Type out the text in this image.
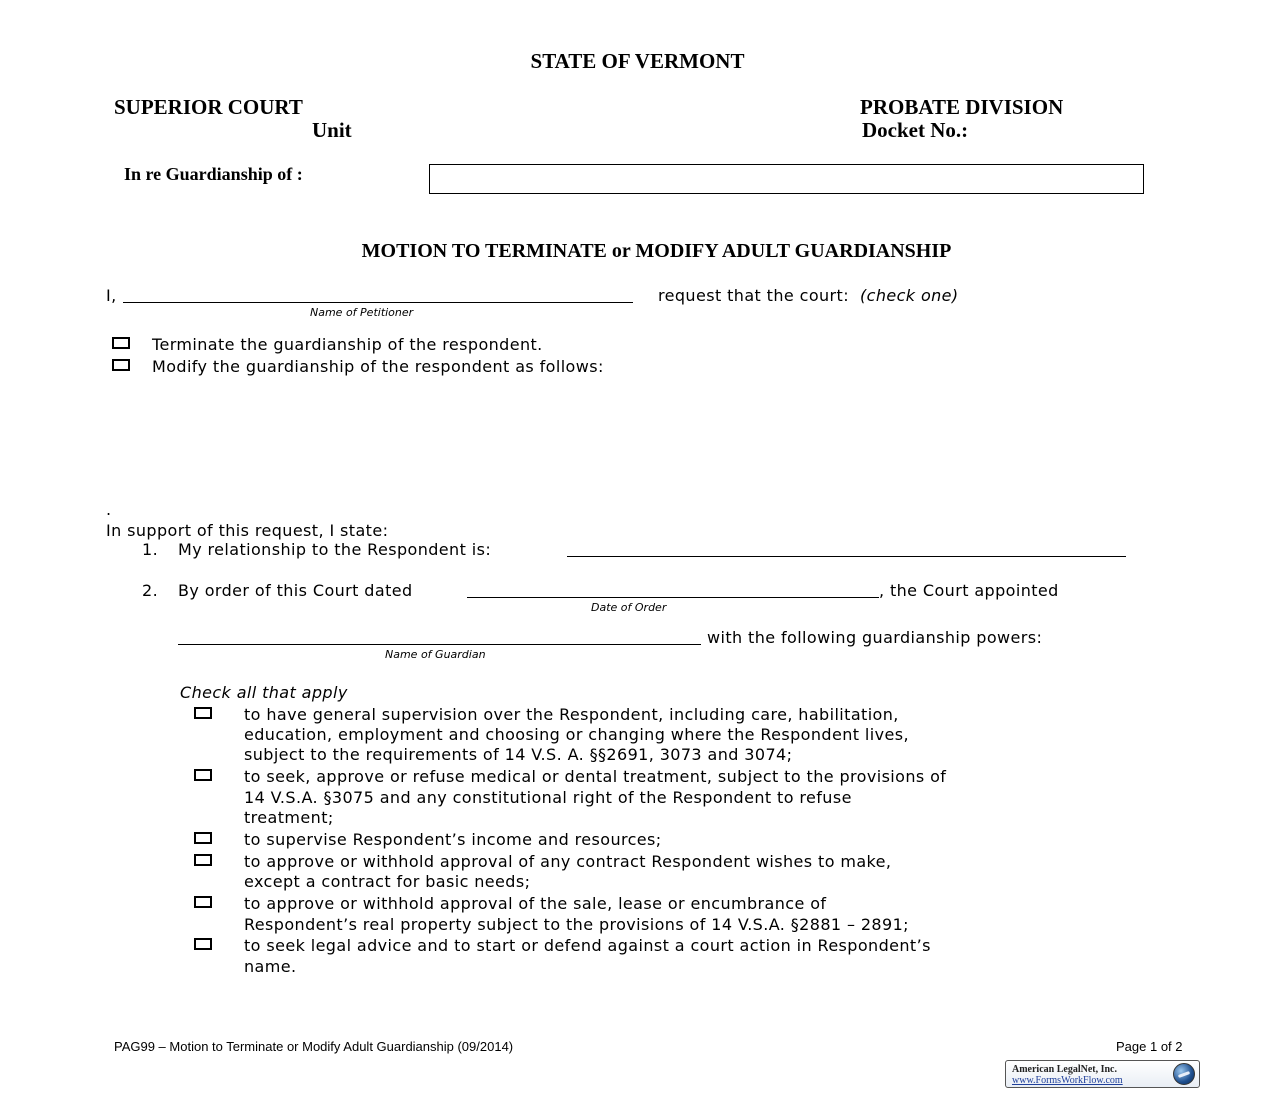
STATE OF VERMONT
SUPERIOR COURT
Unit
PROBATE DIVISION
Docket No.:
In re Guardianship of :
MOTION TO TERMINATE or MODIFY ADULT GUARDIANSHIP
I,
Name of Petitioner
request that the court: (check one)
Terminate the guardianship of the respondent.
Modify the guardianship of the respondent as follows:
.
In support of this request, I state:
1. My relationship to the Respondent is:
2. By order of this Court dated	, the Court appointed
Date of Order
with the following guardianship powers:
Name of Guardian
Check all that apply
to have general supervision over the Respondent, including care, habilitation,
education, employment and choosing or changing where the Respondent lives,
subject to the requirements of 14 V.S. A. §§2691, 3073 and 3074;
to seek, approve or refuse medical or dental treatment, subject to the provisions of
14 V.S.A. §3075 and any constitutional right of the Respondent to refuse
treatment;
to supervise Respondent’s income and resources;
to approve or withhold approval of any contract Respondent wishes to make,
except a contract for basic needs;
to approve or withhold approval of the sale, lease or encumbrance of
Respondent’s real property subject to the provisions of 14 V.S.A. §2881 – 2891;
to seek legal advice and to start or defend against a court action in Respondent’s
name.
PAG99 – Motion to Terminate or Modify Adult Guardianship (09/2014)	Page 1 of 2
American LegalNet, Inc.
www.FormsWorkFlow.com
